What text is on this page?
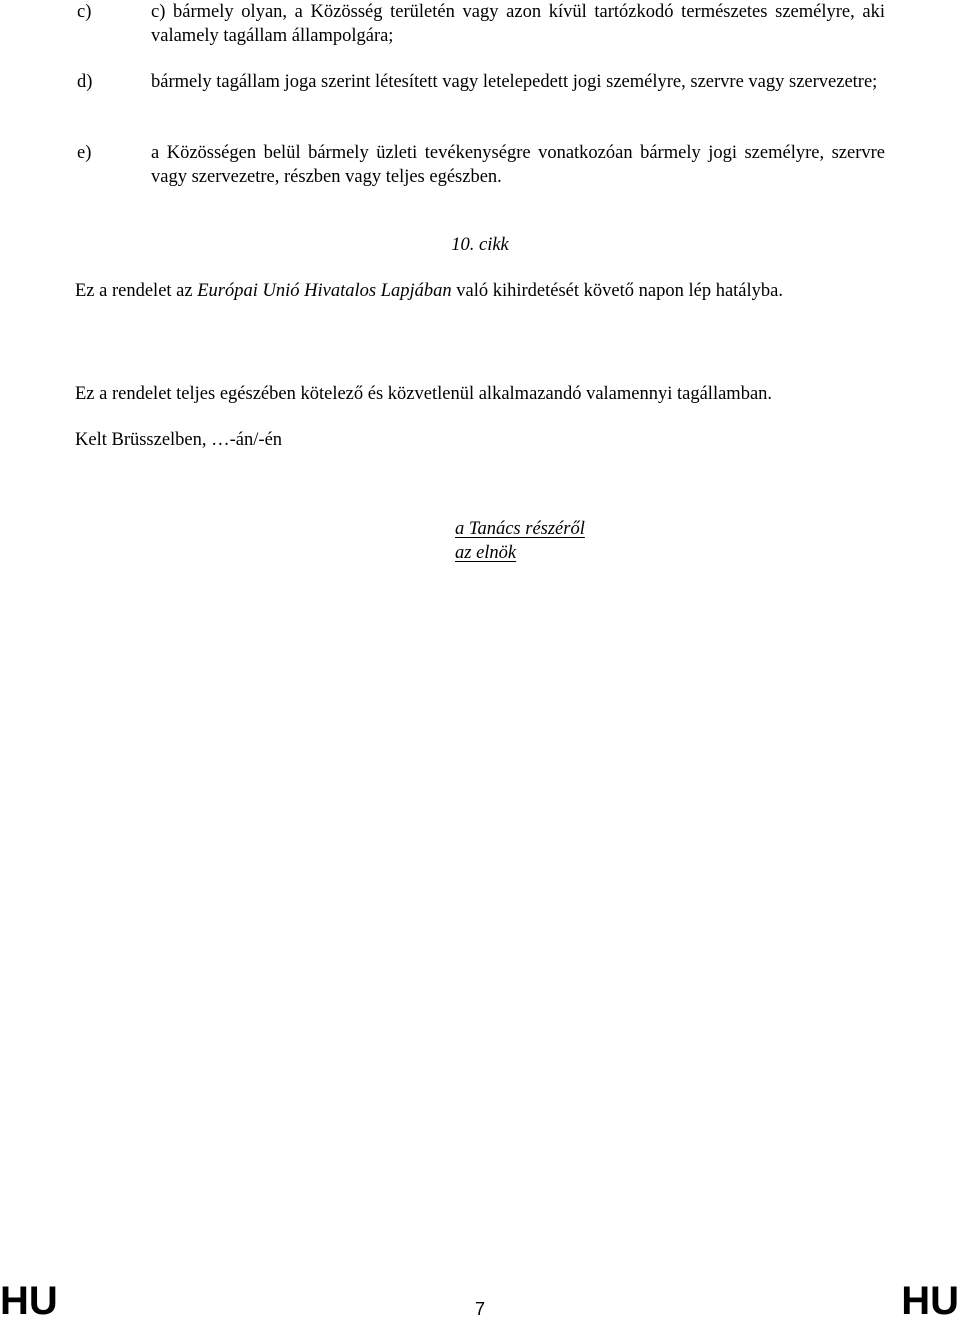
c)	c) bármely olyan, a Közösség területén vagy azon kívül tartózkodó természetes személyre, aki valamely tagállam állampolgára;
d)	bármely tagállam joga szerint létesített vagy letelepedett jogi személyre, szervre vagy szervezetre;
e)	a Közösségen belül bármely üzleti tevékenységre vonatkozóan bármely jogi személyre, szervre vagy szervezetre, részben vagy teljes egészben.
10. cikk
Ez a rendelet az Európai Unió Hivatalos Lapjában való kihirdetését követő napon lép hatályba.
Ez a rendelet teljes egészében kötelező és közvetlenül alkalmazandó valamennyi tagállamban.
Kelt Brüsszelben, …-án/-én
a Tanács részéről
az elnök
HU	7	HU
